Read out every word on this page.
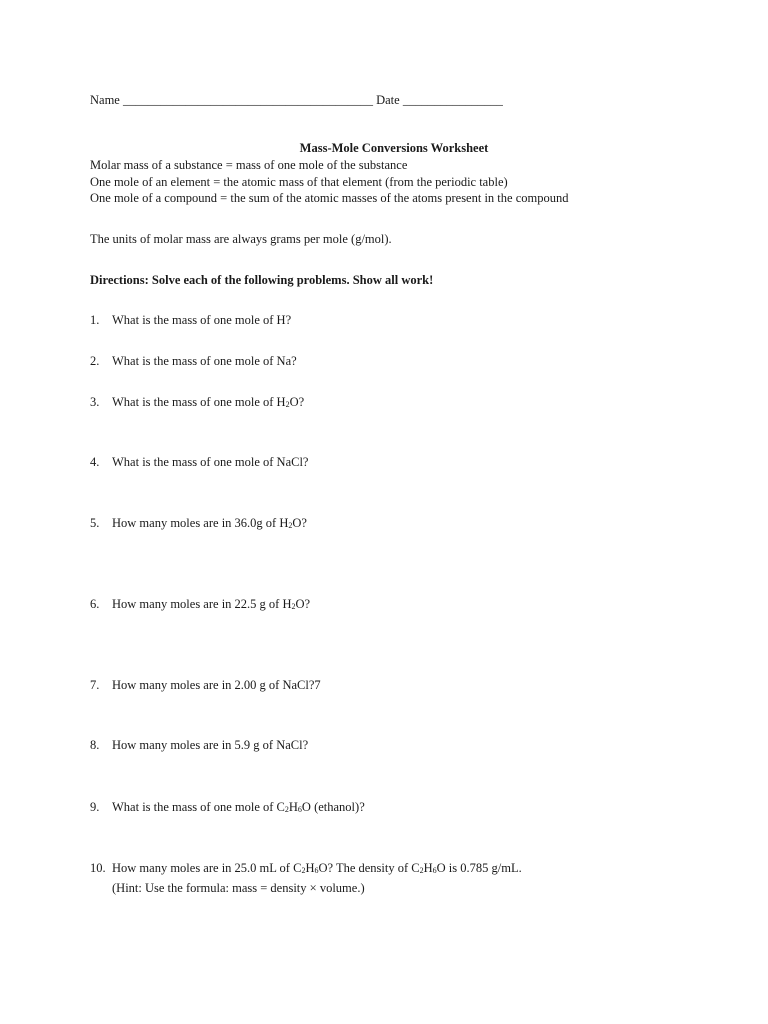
Name ________________________________________ Date ________________
Mass-Mole Conversions Worksheet
Molar mass of a substance = mass of one mole of the substance
One mole of an element = the atomic mass of that element (from the periodic table)
One mole of a compound = the sum of the atomic masses of the atoms present in the compound
The units of molar mass are always grams per mole (g/mol).
Directions: Solve each of the following problems. Show all work!
1. What is the mass of one mole of H?
2. What is the mass of one mole of Na?
3. What is the mass of one mole of $H_2O$?
4. What is the mass of one mole of NaCl?
5. How many moles are in 36.0g of $H_2O$?
6. How many moles are in 22.5 g of $H_2O$?
7. How many moles are in 2.00 g of NaCl?7
8. How many moles are in 5.9 g of NaCl?
9. What is the mass of one mole of $C_2H_6O$ (ethanol)?
10. How many moles are in 25.0 mL of $C_2H_6O$? The density of $C_2H_6O$ is 0.785 g/mL.
(Hint: Use the formula: mass = density × volume.)
